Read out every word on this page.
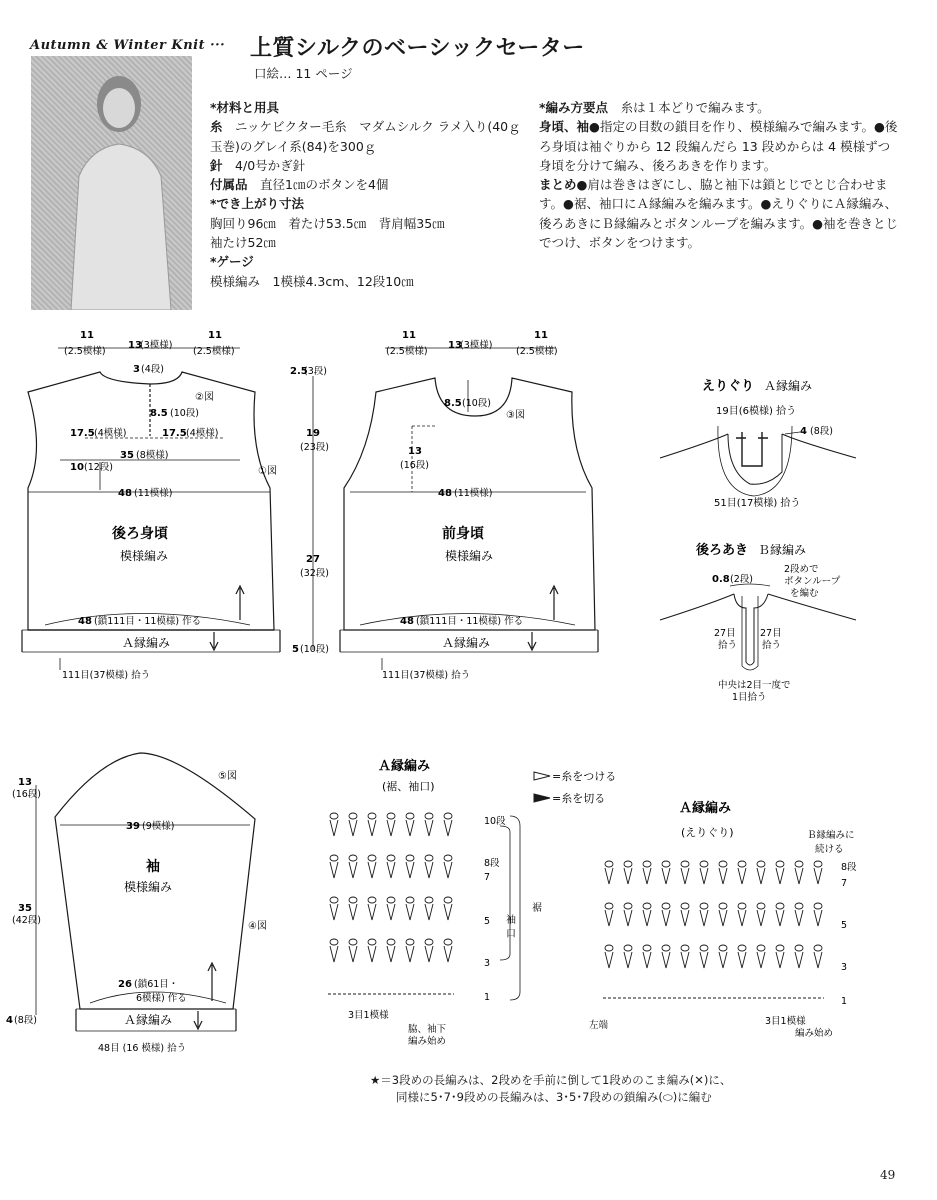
Autumn & Winter Knit ··· 上質シルクのベーシックセーター
口絵… 11 ページ
*材料と用具
糸　 ニッケビクター毛糸　マダムシルク ラメ入り(40ｇ玉巻)のグレイ系(84)を300ｇ
針　 4/0号かぎ針
付属品　 直径1㎝のボタンを4個
*でき上がり寸法
胸回り96㎝　着たけ53.5㎝　背肩幅35㎝
袖たけ52㎝
*ゲージ
模様編み　1模様4.3cm、12段10㎝
*編み方要点　 糸は１本どりで編みます。
身頃、袖●指定の目数の鎖目を作り、模様編みで編みます。●後ろ身頃は袖ぐりから 12 段編んだら 13 段めからは 4 模様ずつ身頃を分けて編み、後ろあきを作ります。
まとめ●肩は巻きはぎにし、脇と袖下は鎖とじでとじ合わせます。●裾、袖口にＡ縁編みを編みます。●えりぐりにＡ縁編み、後ろあきにＢ縁編みとボタンループを編みます。●袖を巻きとじでつけ、ボタンをつけます。
11
(2.5模様)
13
(3模様)
11
(2.5模様)
3 (4段)
②図
8.5 (10段)
17.5 (4模様)	17.5 (4模様)
35 (8模様)
10 (12段)	①図
48 (11模様)
後ろ身頃
模様編み
48 (鎖111目・11模様) 作る
Ａ縁編み
111目(37模様) 拾う
2.5
(3段)
19
(23段)
27
(32段)
5 (10段)
11
(2.5模様)
13
(3模様)
11
(2.5模様)
8.5 (10段)
③図
13
(16段)
48 (11模様)
前身頃
模様編み
48 (鎖111目・11模様) 作る
Ａ縁編み
111目(37模様) 拾う
えりぐり Ａ縁編み
19目(6模様) 拾う
4 (8段)
51目(17模様) 拾う
後ろあき Ｂ縁編み
0.8 (2段)
2段めで
ボタンループ
を編む
27目
拾う
27目
拾う
中央は2目一度で
1目拾う
⑤図
④図
13
(16段)
35
(42段)
4 (8段)
39 (9模様)
袖
模様編み
26 (鎖61目・
6模様) 作る
Ａ縁編み
48目 (16 模様) 拾う
Ａ縁編み
(裾、袖口)
10段
8段
7
5
3
1
3目1模様
脇、袖下
編み始め
袖
口
裾
=糸をつける
=糸を切る
Ａ縁編み
(えりぐり)	Ｂ縁編みに
続ける
8段
7
5
3
1
左端	3目1模様
編み始め
★＝3段めの長編みは、2段めを手前に倒して1段めのこま編み(✕)に、
同様に5･7･9段めの長編みは、3･5･7段めの鎖編み(⬭)に編む
49
